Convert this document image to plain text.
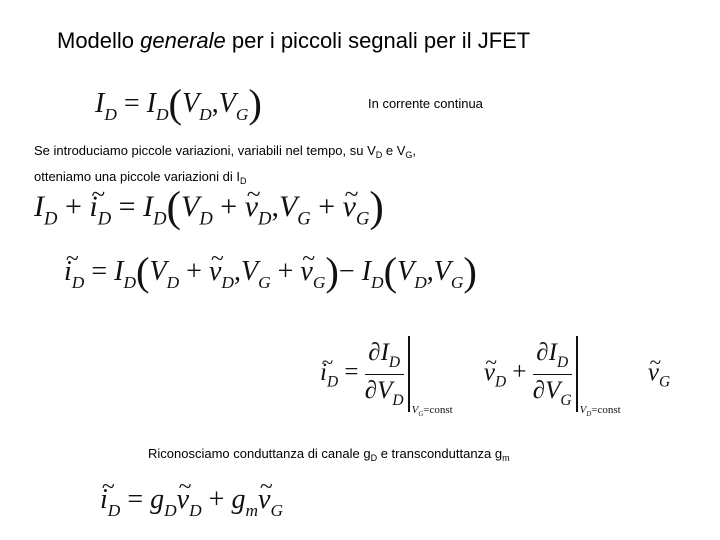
Modello generale per i piccoli segnali per il JFET
$I_D = I_D(V_D,V_G)$	In corrente continua
Se introduciamo piccole variazioni, variabili nel tempo, su $V_D$ e $V_G$,
otteniamo una piccole variazioni di $I_D$
$I_D$ + ~ $i_D = I_D(V_D$ + ~ $v_D,V_G$ + ~ $v_G$)
~ $i_D = I_D(V_D$ + ~ $v_D,V_G$ + ~ $v_G)- I_D(V_D,V_G)$
~ $i_D = \frac{\partial I_D}{\partial V_D}$
$V_G=const$
~ $v_D + \frac{\partial I_D}{\partial V_G}$
$V_D=const$
~ $v_G$
Riconosciamo conduttanza di canale $g_D$ e transconduttanza $g_m$
~ $i_D$ = $g_D\sim$ $v_D$ + $g_m\sim$ $v_G$
